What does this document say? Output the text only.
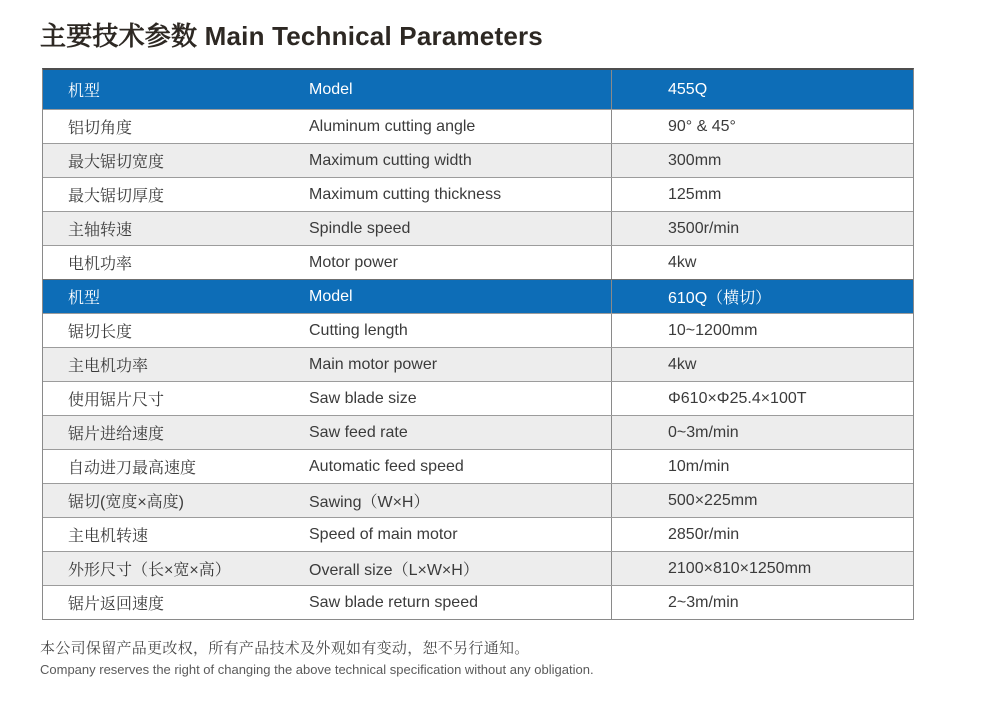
主要技术参数 Main Technical Parameters
机型	Model	455Q
铝切角度	Aluminum cutting angle	90° & 45°
最大锯切宽度	Maximum cutting width	300mm
最大锯切厚度	Maximum cutting thickness	125mm
主轴转速	Spindle speed	3500r/min
电机功率	Motor power	4kw
机型	Model	610Q（横切）
锯切长度	Cutting length	10~1200mm
主电机功率	Main motor power	4kw
使用锯片尺寸	Saw blade size	Φ610×Φ25.4×100T
锯片进给速度	Saw feed rate	0~3m/min
自动进刀最高速度	Automatic feed speed	10m/min
锯切(宽度×高度)	Sawing（W×H）	500×225mm
主电机转速	Speed of main motor	2850r/min
外形尺寸（长×宽×高）	Overall size（L×W×H）	2100×810×1250mm
锯片返回速度	Saw blade return speed	2~3m/min
本公司保留产品更改权，所有产品技术及外观如有变动，恕不另行通知。
Company reserves the right of changing the above technical specification without any obligation.
